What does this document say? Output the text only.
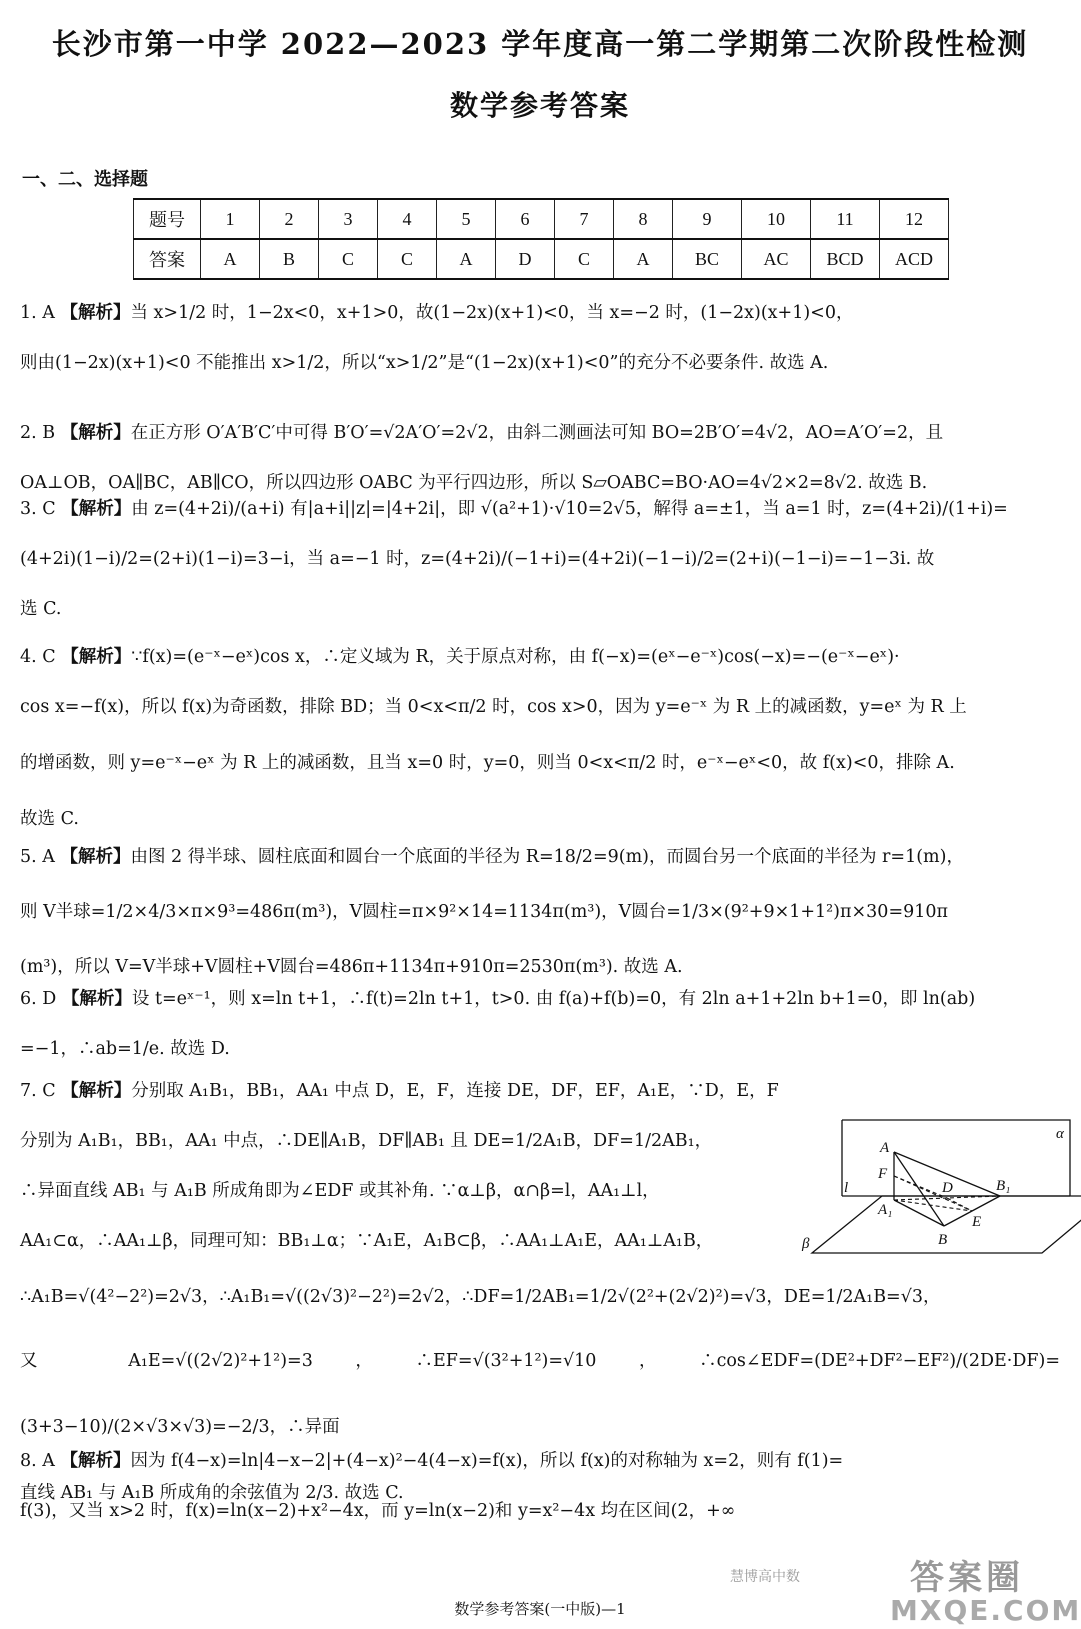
长沙市第一中学 2022—2023 学年度高一第二学期第二次阶段性检测
数学参考答案
一、二、选择题
题号	1	2	3	4	5	6	7	8	9	10	11	12
答案	A	B	C	C	A	D	C	A	BC	AC	BCD	ACD
1. A 【解析】当 x>1/2 时，1−2x<0，x+1>0，故(1−2x)(x+1)<0，当 x=−2 时，(1−2x)(x+1)<0，
则由(1−2x)(x+1)<0 不能推出 x>1/2，所以“x>1/2”是“(1−2x)(x+1)<0”的充分不必要条件. 故选 A.
2. B 【解析】在正方形 O′A′B′C′中可得 B′O′=√2A′O′=2√2，由斜二测画法可知 BO=2B′O′=4√2，AO=A′O′=2，且
OA⊥OB，OA∥BC，AB∥CO，所以四边形 OABC 为平行四边形，所以 S▱OABC=BO·AO=4√2×2=8√2. 故选 B.
3. C 【解析】由 z=(4+2i)/(a+i) 有|a+i||z|=|4+2i|，即 √(a²+1)·√10=2√5，解得 a=±1，当 a=1 时，z=(4+2i)/(1+i)=
(4+2i)(1−i)/2=(2+i)(1−i)=3−i，当 a=−1 时，z=(4+2i)/(−1+i)=(4+2i)(−1−i)/2=(2+i)(−1−i)=−1−3i. 故
选 C.
4. C 【解析】∵f(x)=(e⁻ˣ−eˣ)cos x，∴定义域为 R，关于原点对称，由 f(−x)=(eˣ−e⁻ˣ)cos(−x)=−(e⁻ˣ−eˣ)·
cos x=−f(x)，所以 f(x)为奇函数，排除 BD；当 0<x<π/2 时，cos x>0，因为 y=e⁻ˣ 为 R 上的减函数，y=eˣ 为 R 上
的增函数，则 y=e⁻ˣ−eˣ 为 R 上的减函数，且当 x=0 时，y=0，则当 0<x<π/2 时，e⁻ˣ−eˣ<0，故 f(x)<0，排除 A.
故选 C.
5. A 【解析】由图 2 得半球、圆柱底面和圆台一个底面的半径为 R=18/2=9(m)，而圆台另一个底面的半径为 r=1(m)，
则 V半球=1/2×4/3×π×9³=486π(m³)，V圆柱=π×9²×14=1134π(m³)，V圆台=1/3×(9²+9×1+1²)π×30=910π
(m³)，所以 V=V半球+V圆柱+V圆台=486π+1134π+910π=2530π(m³). 故选 A.
6. D 【解析】设 t=eˣ⁻¹，则 x=ln t+1，∴f(t)=2ln t+1，t>0. 由 f(a)+f(b)=0，有 2ln a+1+2ln b+1=0，即 ln(ab)
=−1，∴ab=1/e. 故选 D.
7. C 【解析】分别取 A₁B₁，BB₁，AA₁ 中点 D，E，F，连接 DE，DF，EF，A₁E，∵D，E，F
分别为 A₁B₁，BB₁，AA₁ 中点，∴DE∥A₁B，DF∥AB₁ 且 DE=1/2A₁B，DF=1/2AB₁，
∴异面直线 AB₁ 与 A₁B 所成角即为∠EDF 或其补角. ∵α⊥β，α∩β=l，AA₁⊥l，
AA₁⊂α，∴AA₁⊥β，同理可知：BB₁⊥α；∵A₁E，A₁B⊂β，∴AA₁⊥A₁E，AA₁⊥A₁B，
∴A₁B=√(4²−2²)=2√3，∴A₁B₁=√((2√3)²−2²)=2√2，∴DF=1/2AB₁=1/2√(2²+(2√2)²)=√3，DE=1/2A₁B=√3，
又 A₁E=√((2√2)²+1²)=3，∴EF=√(3²+1²)=√10，∴cos∠EDF=(DE²+DF²−EF²)/(2DE·DF)=(3+3−10)/(2×√3×√3)=−2/3，∴异面
直线 AB₁ 与 A₁B 所成角的余弦值为 2/3. 故选 C.
8. A 【解析】因为 f(4−x)=ln|4−x−2|+(4−x)²−4(4−x)=f(x)，所以 f(x)的对称轴为 x=2，则有 f(1)=
f(3)，又当 x>2 时，f(x)=ln(x−2)+x²−4x，而 y=ln(x−2)和 y=x²−4x 均在区间(2，+∞
α
A
F
D	B₁
l
A₁
E
B
β
数学参考答案(一中版)—1
慧博高中数	答案圈
MXQE.COM
